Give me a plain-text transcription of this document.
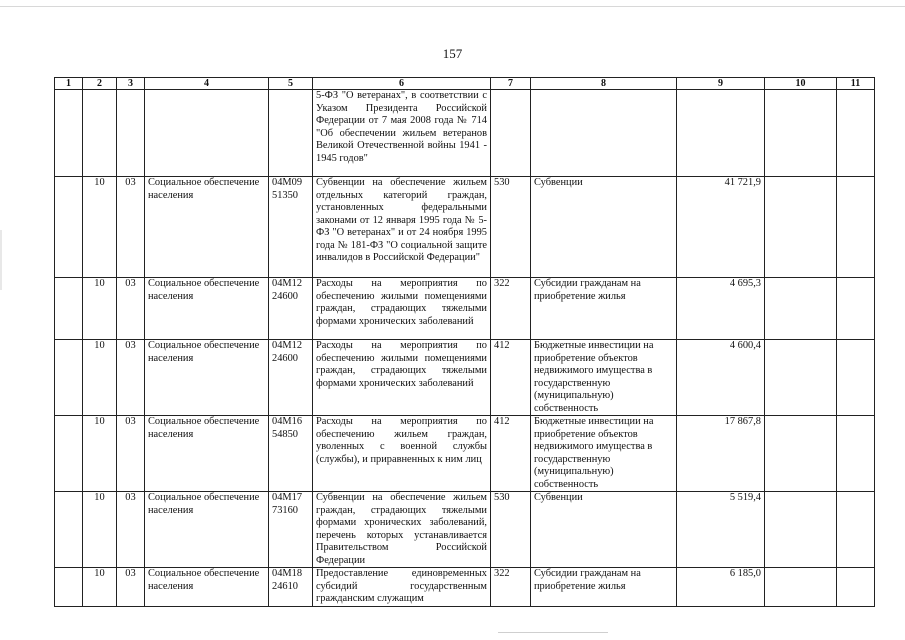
157
1	2	3	4	5	6	7	8	9	10	11
					5-ФЗ "О ветеранах", в соответствии с Указом Президента Российской Федерации от 7 мая 2008 года № 714 "Об обеспечении жильем ветеранов Великой Отечественной войны 1941 - 1945 годов"					
	10	03	Социальное обеспечение населения	04М09 51350	Субвенции на обеспечение жильем отдельных категорий граждан, установленных федеральными законами от 12 января 1995 года № 5-ФЗ "О ветеранах" и от 24 ноября 1995 года № 181-ФЗ "О социальной защите инвалидов в Российской Федерации"	530	Субвенции	41 721,9		
	10	03	Социальное обеспечение населения	04М12 24600	Расходы на мероприятия по обеспечению жилыми помещениями граждан, страдающих тяжелыми формами хронических заболеваний	322	Субсидии гражданам на приобретение жилья	4 695,3		
	10	03	Социальное обеспечение населения	04М12 24600	Расходы на мероприятия по обеспечению жилыми помещениями граждан, страдающих тяжелыми формами хронических заболеваний	412	Бюджетные инвестиции на приобретение объектов недвижимого имущества в государственную (муниципальную) собственность	4 600,4		
	10	03	Социальное обеспечение населения	04М16 54850	Расходы на мероприятия по обеспечению жильем граждан, уволенных с военной службы (службы), и приравненных к ним лиц	412	Бюджетные инвестиции на приобретение объектов недвижимого имущества в государственную (муниципальную) собственность	17 867,8		
	10	03	Социальное обеспечение населения	04М17 73160	Субвенции на обеспечение жильем граждан, страдающих тяжелыми формами хронических заболеваний, перечень которых устанавливается Правительством Российской Федерации	530	Субвенции	5 519,4		
	10	03	Социальное обеспечение населения	04М18 24610	Предоставление единовременных субсидий государственным гражданским служащим	322	Субсидии гражданам на приобретение жилья	6 185,0		
